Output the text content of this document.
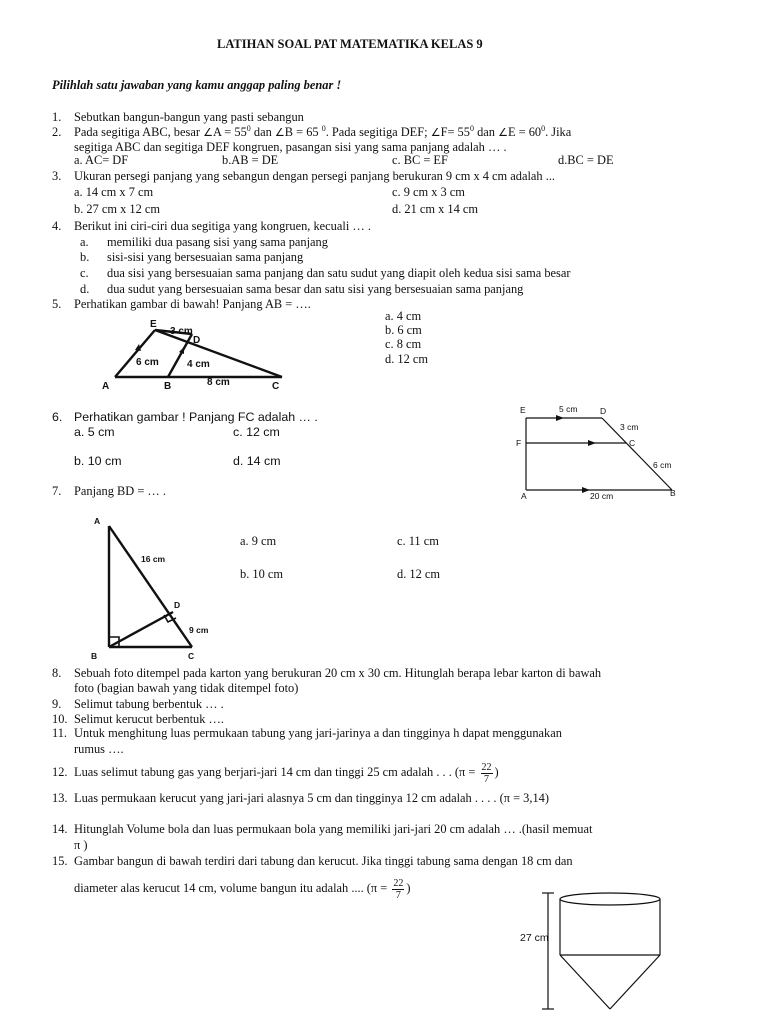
LATIHAN SOAL PAT MATEMATIKA KELAS 9
Pilihlah satu jawaban yang kamu anggap paling benar !
1. Sebutkan bangun-bangun yang pasti sebangun
2. Pada segitiga ABC, besar ∠A = $55^0$ dan ∠B = 65 $^0$. Pada segitiga DEF; ∠F= $55^0$ dan ∠E = $60^0$. Jika
segitiga ABC dan segitiga DEF kongruen, pasangan sisi yang sama panjang adalah … .
a. AC= DF	b.AB = DE	c. BC = EF	d.BC = DE
3. Ukuran persegi panjang yang sebangun dengan persegi panjang berukuran 9 cm x 4 cm adalah ...
a. 14 cm x 7 cm	c. 9 cm x 3 cm
b. 27 cm x 12 cm	d. 21 cm x 14 cm
4. Berikut ini ciri-ciri dua segitiga yang kongruen, kecuali … .
a. memiliki dua pasang sisi yang sama panjang
b. sisi-sisi yang bersesuaian sama panjang
c. dua sisi yang bersesuaian sama panjang dan satu sudut yang diapit oleh kedua sisi sama besar
d. dua sudut yang bersesuaian sama besar dan satu sisi yang bersesuaian sama panjang
5. Perhatikan gambar di bawah! Panjang AB = ….
a. 4 cm
b. 6 cm
c. 8 cm
d. 12 cm
E
D
A	B	C
3 cm
6 cm	4 cm
8 cm
6. Perhatikan gambar ! Panjang FC adalah … .
a. 5 cm	c. 12 cm
b. 10 cm	d. 14 cm
E	D
F	C
A	B
5 cm
3 cm
6 cm
20 cm
7. Panjang BD = … .
a. 9 cm	c. 11 cm
b. 10 cm	d. 12 cm
A
B	C
D
16 cm
9 cm
8. Sebuah foto ditempel pada karton yang berukuran 20 cm x 30 cm. Hitunglah berapa lebar karton di bawah
foto (bagian bawah yang tidak ditempel foto)
9. Selimut tabung berbentuk … .
10. Selimut kerucut berbentuk ….
11. Untuk menghitung luas permukaan tabung yang jari-jarinya a dan tingginya h dapat menggunakan
rumus ….
12. Luas selimut tabung gas yang berjari-jari 14 cm dan tinggi 25 cm adalah . . . ($\pi = \frac{22}{7}$ )
13. Luas permukaan kerucut yang jari-jari alasnya 5 cm dan tingginya 12 cm adalah . . . . (π = 3,14)
14. Hitunglah Volume bola dan luas permukaan bola yang memiliki jari-jari 20 cm adalah … .(hasil memuat
π )
15. Gambar bangun di bawah terdiri dari tabung dan kerucut. Jika tinggi tabung sama dengan 18 cm dan
diameter alas kerucut 14 cm, volume bangun itu adalah .... ($\pi = \frac{22}{7}$ )
27 cm
